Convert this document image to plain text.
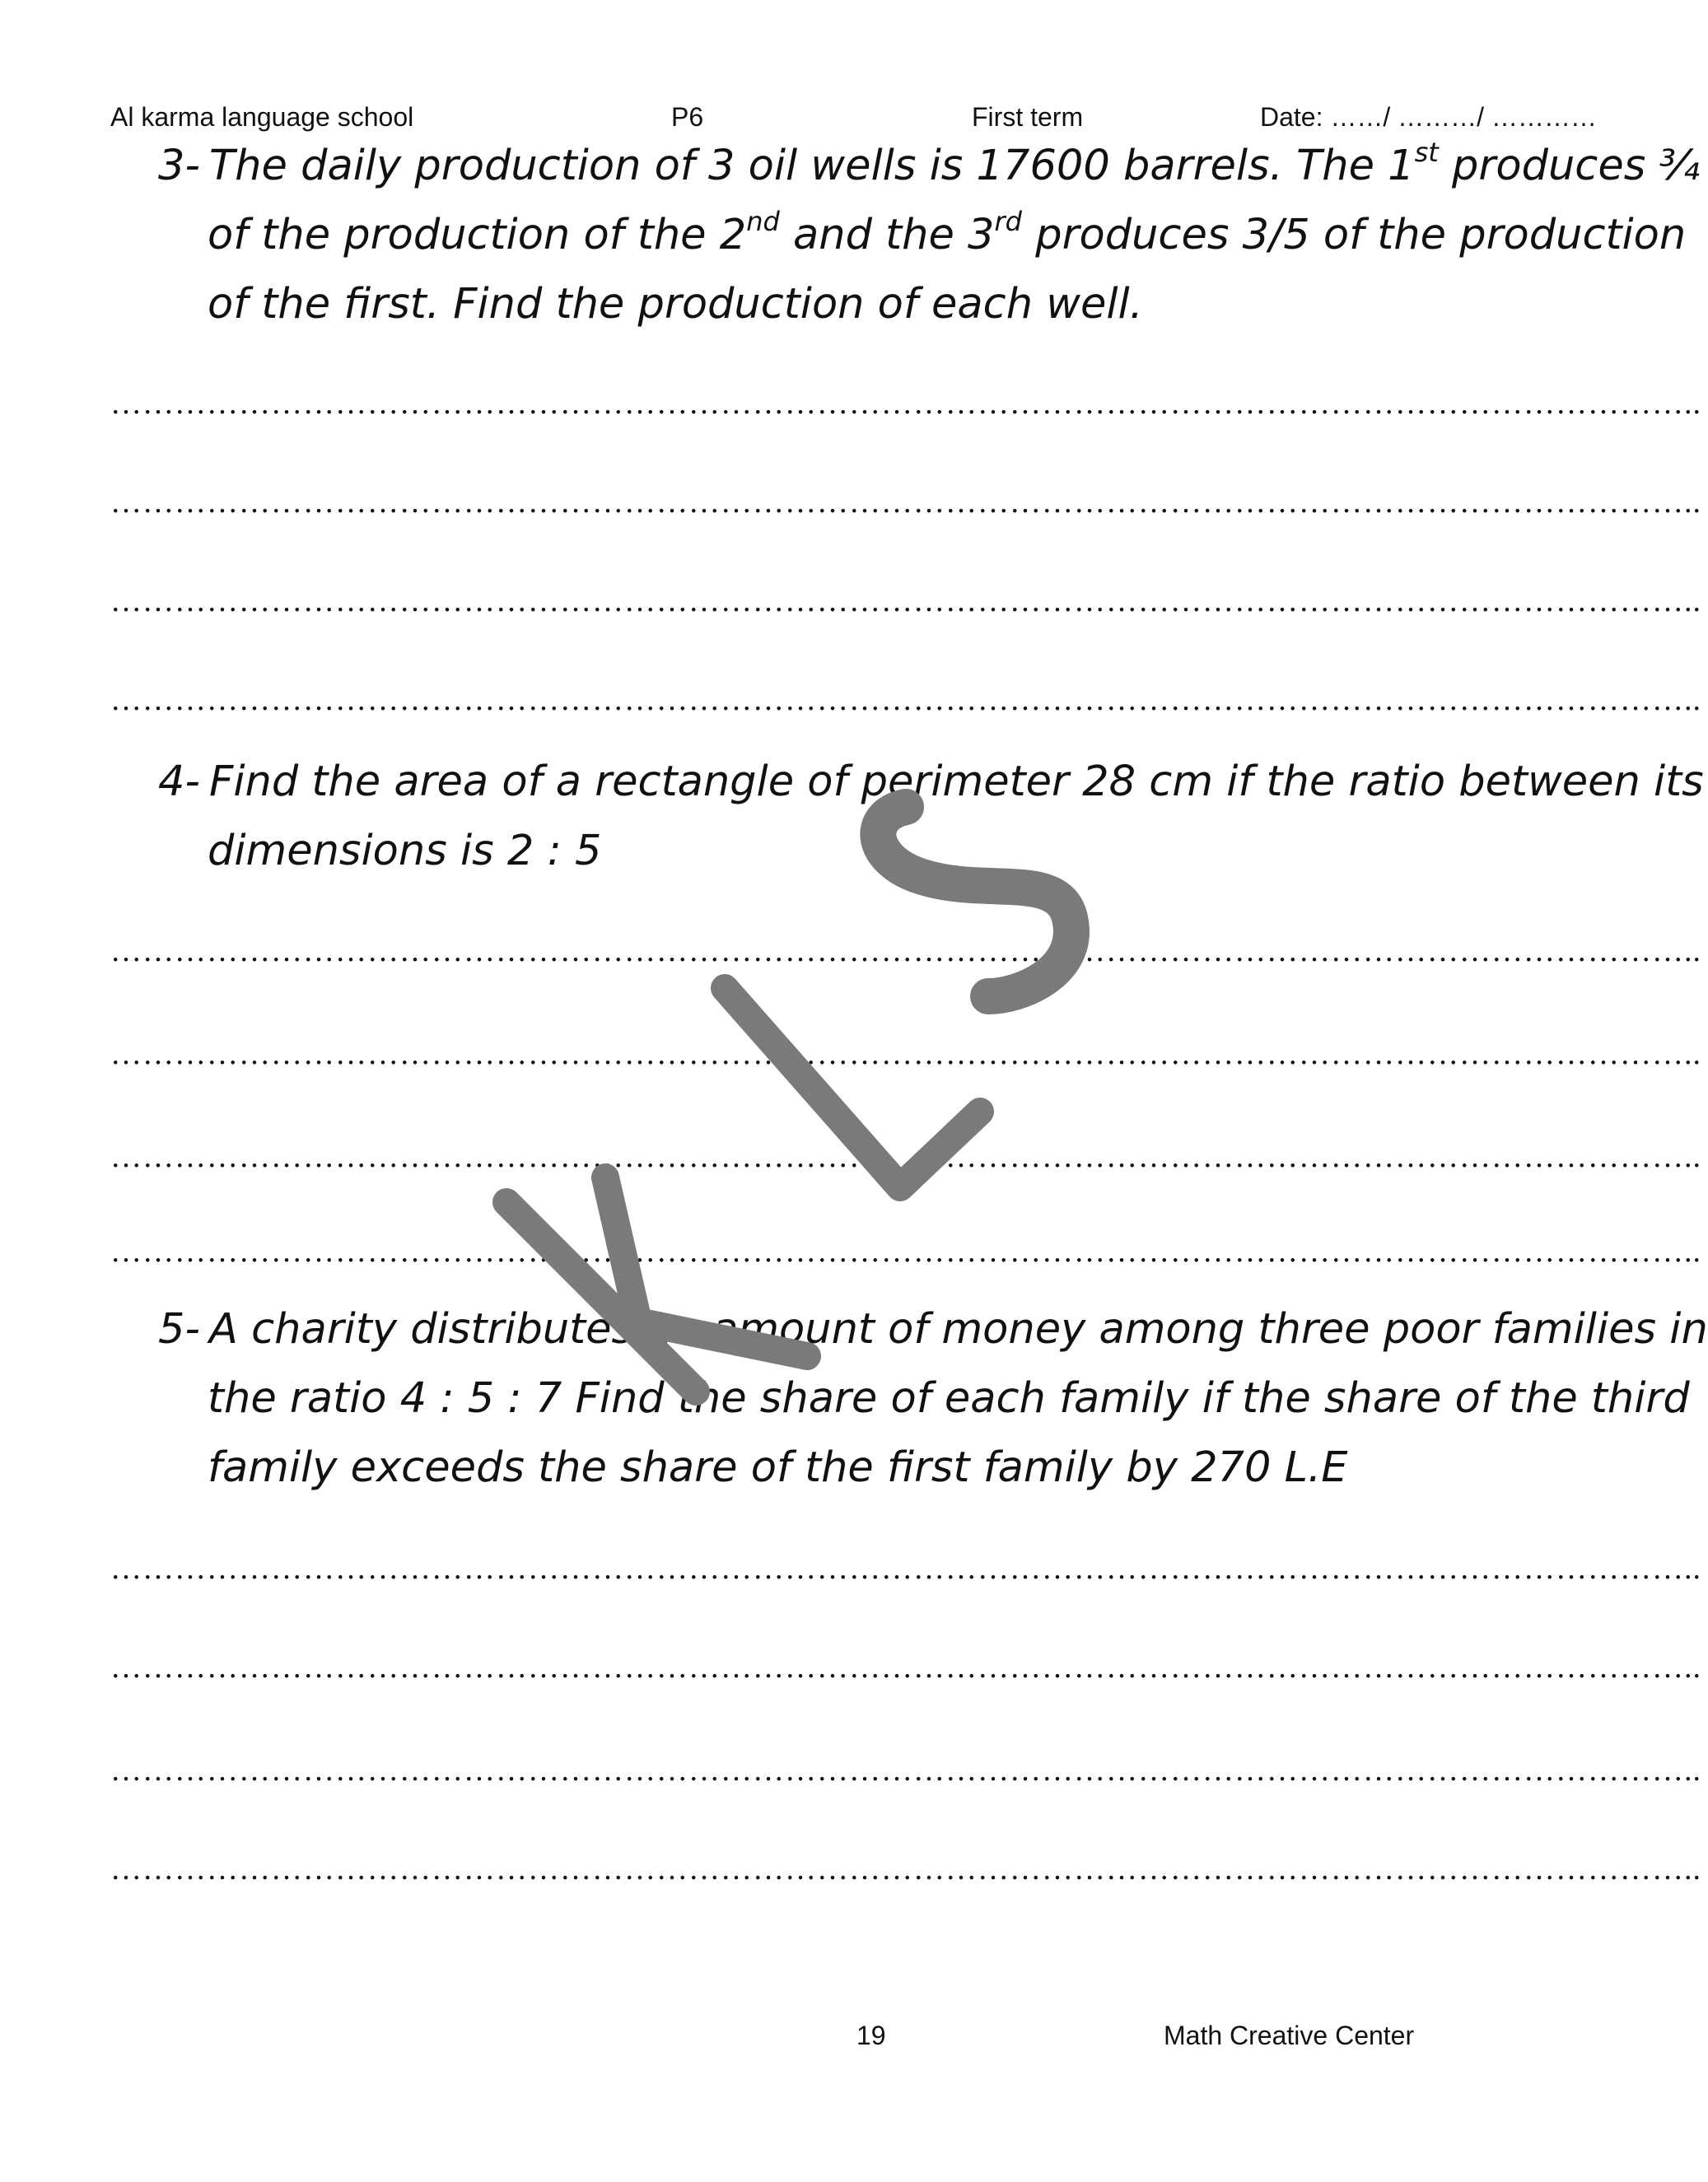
Al karma language school	P6	First term	Date: ……/ ………/ …………
3- The daily production of 3 oil wells is 17600 barrels. The 1st produces ¾
of the production of the 2nd and the 3rd produces 3/5 of the production
of the first. Find the production of each well.
…………………………………………………………………………………………………………………………………..
…………………………………………………………………………………………………………………………………..
…………………………………………………………………………………………………………………………………..
…………………………………………………………………………………………………………………………………..
4- Find the area of a rectangle of perimeter 28 cm if the ratio between its
dimensions is 2 : 5
…………………………………………………………………………………………………………………………………..
…………………………………………………………………………………………………………………………………..
…………………………………………………………………………………………………………………………………..
…………………………………………………………………………………………………………………………………..
5- A charity distributes an amount of money among three poor families in
the ratio 4 : 5 : 7 Find the share of each family if the share of the third
family exceeds the share of the first family by 270 L.E
…………………………………………………………………………………………………………………………………..
…………………………………………………………………………………………………………………………………..
…………………………………………………………………………………………………………………………………..
…………………………………………………………………………………………………………………………………..
19	Math Creative Center
